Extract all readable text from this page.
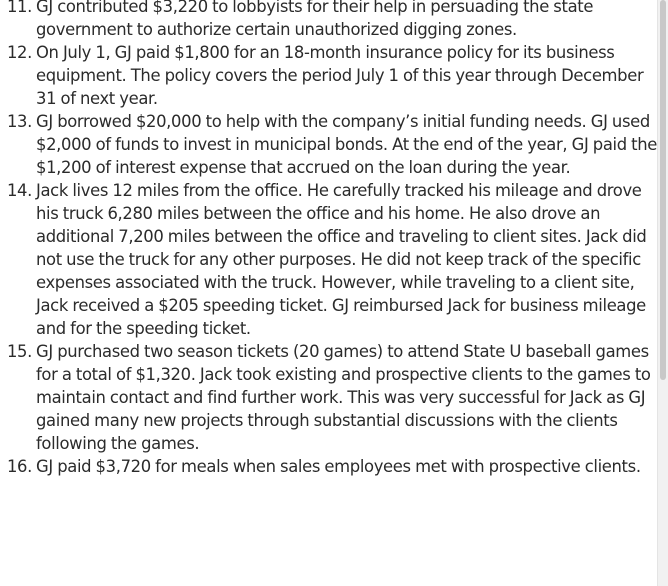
11. GJ contributed $3,220 to lobbyists for their help in persuading the state government to authorize certain unauthorized digging zones.
12. On July 1, GJ paid $1,800 for an 18-month insurance policy for its business equipment. The policy covers the period July 1 of this year through December 31 of next year.
13. GJ borrowed $20,000 to help with the company’s initial funding needs. GJ used $2,000 of funds to invest in municipal bonds. At the end of the year, GJ paid the $1,200 of interest expense that accrued on the loan during the year.
14. Jack lives 12 miles from the office. He carefully tracked his mileage and drove his truck 6,280 miles between the office and his home. He also drove an additional 7,200 miles between the office and traveling to client sites. Jack did not use the truck for any other purposes. He did not keep track of the specific expenses associated with the truck. However, while traveling to a client site, Jack received a $205 speeding ticket. GJ reimbursed Jack for business mileage and for the speeding ticket.
15. GJ purchased two season tickets (20 games) to attend State U baseball games for a total of $1,320. Jack took existing and prospective clients to the games to maintain contact and find further work. This was very successful for Jack as GJ gained many new projects through substantial discussions with the clients following the games.
16. GJ paid $3,720 for meals when sales employees met with prospective clients.
